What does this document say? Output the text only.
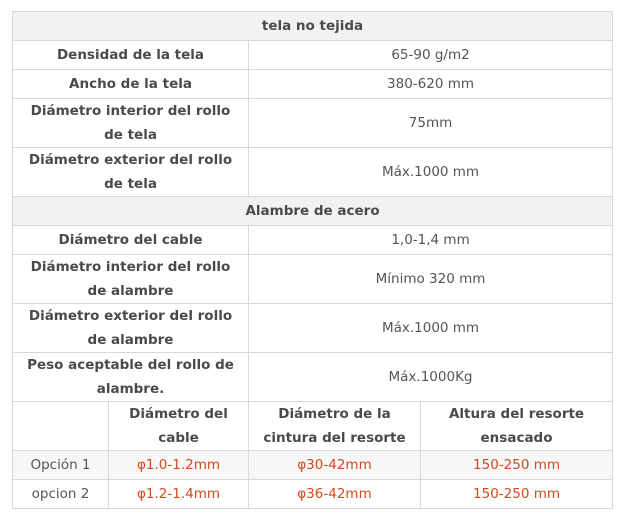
tela no tejida			
Densidad de la tela		65-90 g/m2	
Ancho de la tela		380-620 mm	
Diámetro interior del rollo de tela		75mm	
Diámetro exterior del rollo de tela		Máx.1000 mm	
Alambre de acero			
Diámetro del cable		1,0-1,4 mm	
Diámetro interior del rollo de alambre		Mínimo 320 mm	
Diámetro exterior del rollo de alambre		Máx.1000 mm	
Peso aceptable del rollo de alambre.		Máx.1000Kg	
	Diámetro del cable	Diámetro de la cintura del resorte	Altura del resorte ensacado
Opción 1	φ1.0-1.2mm	φ30-42mm	150-250 mm
opcion 2	φ1.2-1.4mm	φ36-42mm	150-250 mm
